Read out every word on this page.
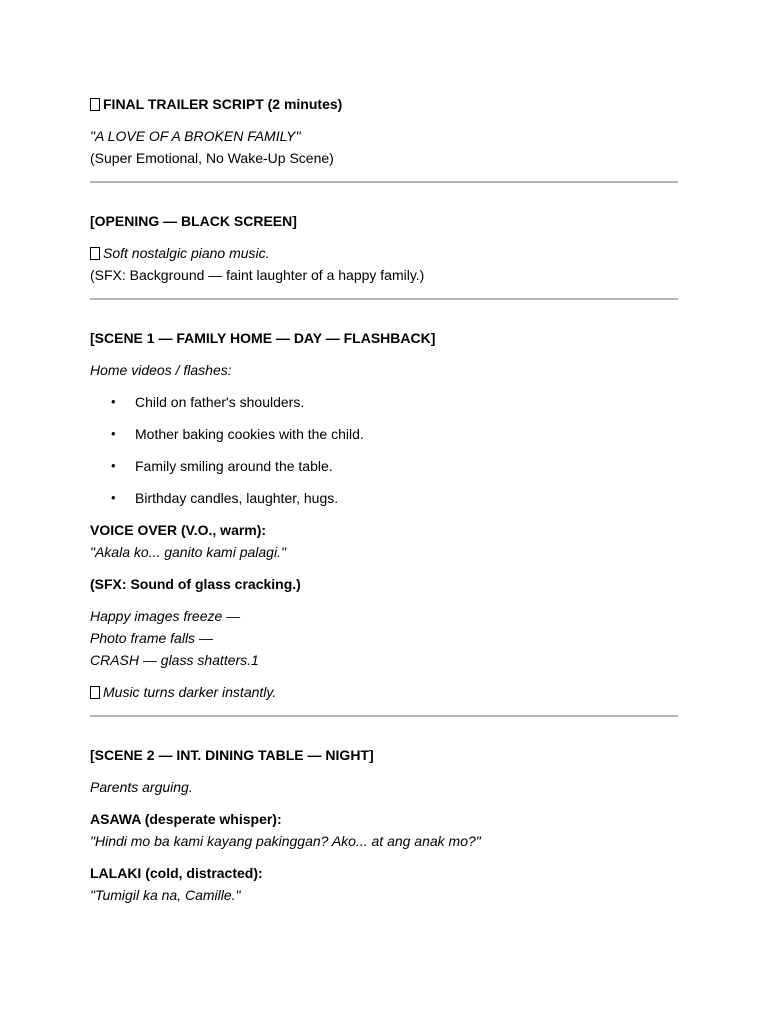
FINAL TRAILER SCRIPT (2 minutes)
"A LOVE OF A BROKEN FAMILY"
(Super Emotional, No Wake-Up Scene)
[OPENING — BLACK SCREEN]
Soft nostalgic piano music.
(SFX: Background — faint laughter of a happy family.)
[SCENE 1 — FAMILY HOME — DAY — FLASHBACK]
Home videos / flashes:
• Child on father's shoulders.
• Mother baking cookies with the child.
• Family smiling around the table.
• Birthday candles, laughter, hugs.
VOICE OVER (V.O., warm):
"Akala ko... ganito kami palagi."
(SFX: Sound of glass cracking.)
Happy images freeze —
Photo frame falls —
CRASH — glass shatters.1
Music turns darker instantly.
[SCENE 2 — INT. DINING TABLE — NIGHT]
Parents arguing.
ASAWA (desperate whisper):
"Hindi mo ba kami kayang pakinggan? Ako... at ang anak mo?"
LALAKI (cold, distracted):
"Tumigil ka na, Camille."
